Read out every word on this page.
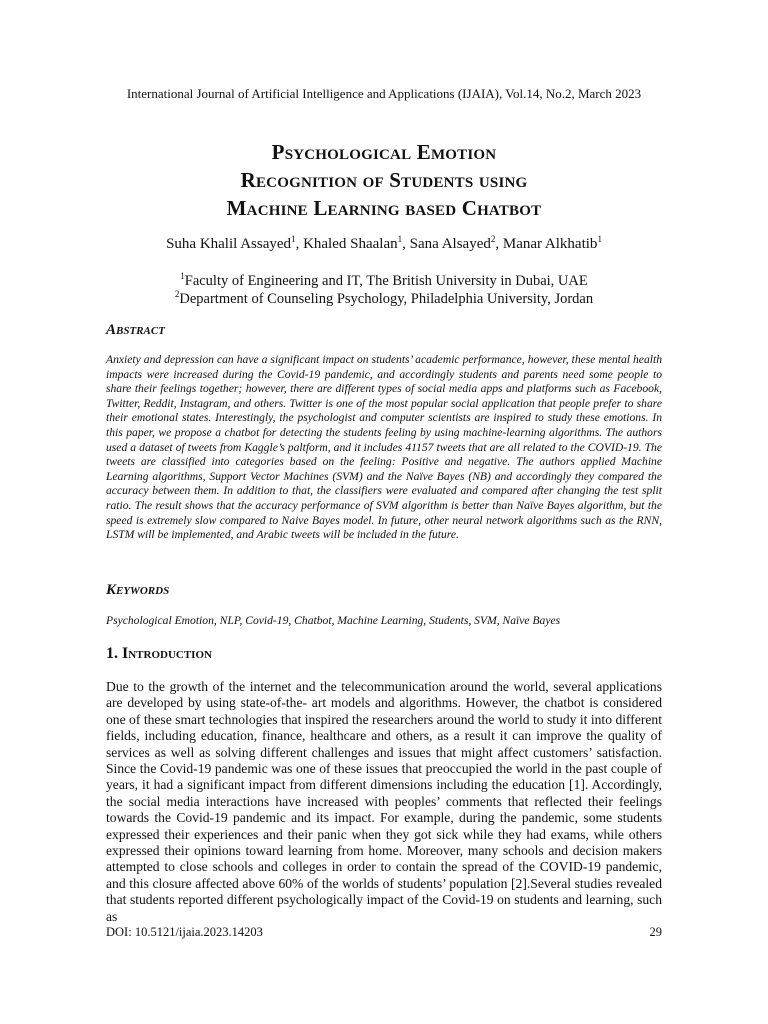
International Journal of Artificial Intelligence and Applications (IJAIA), Vol.14, No.2, March 2023
Psychological Emotion
Recognition of Students using
Machine Learning based Chatbot
Suha Khalil Assayed$^1$, Khaled Shaalan$^1$, Sana Alsayed$^2$, Manar Alkhatib$^1$
$^1$Faculty of Engineering and IT, The British University in Dubai, UAE
$^2$Department of Counseling Psychology, Philadelphia University, Jordan
Abstract
Anxiety and depression can have a significant impact on students’ academic performance, however, these mental health impacts were increased during the Covid-19 pandemic, and accordingly students and parents need some people to share their feelings together; however, there are different types of social media apps and platforms such as Facebook, Twitter, Reddit, Instagram, and others. Twitter is one of the most popular social application that people prefer to share their emotional states. Interestingly, the psychologist and computer scientists are inspired to study these emotions. In this paper, we propose a chatbot for detecting the students feeling by using machine-learning algorithms. The authors used a dataset of tweets from Kaggle’s paltform, and it includes 41157 tweets that are all related to the COVID-19. The tweets are classified into categories based on the feeling: Positive and negative. The authors applied Machine Learning algorithms, Support Vector Machines (SVM) and the Naïve Bayes (NB) and accordingly they compared the accuracy between them. In addition to that, the classifiers were evaluated and compared after changing the test split ratio. The result shows that the accuracy performance of SVM algorithm is better than Naïve Bayes algorithm, but the speed is extremely slow compared to Naive Bayes model. In future, other neural network algorithms such as the RNN, LSTM will be implemented, and Arabic tweets will be included in the future.
Keywords
Psychological Emotion, NLP, Covid-19, Chatbot, Machine Learning, Students, SVM, Naïve Bayes
1. Introduction
Due to the growth of the internet and the telecommunication around the world, several applications are developed by using state-of-the- art models and algorithms. However, the chatbot is considered one of these smart technologies that inspired the researchers around the world to study it into different fields, including education, finance, healthcare and others, as a result it can improve the quality of services as well as solving different challenges and issues that might affect customers’ satisfaction. Since the Covid-19 pandemic was one of these issues that preoccupied the world in the past couple of years, it had a significant impact from different dimensions including the education [1]. Accordingly, the social media interactions have increased with peoples’ comments that reflected their feelings towards the Covid-19 pandemic and its impact. For example, during the pandemic, some students expressed their experiences and their panic when they got sick while they had exams, while others expressed their opinions toward learning from home. Moreover, many schools and decision makers attempted to close schools and colleges in order to contain the spread of the COVID-19 pandemic, and this closure affected above 60% of the worlds of students’ population [2].Several studies revealed that students reported different psychologically impact of the Covid-19 on students and learning, such as
DOI: 10.5121/ijaia.2023.14203	29
